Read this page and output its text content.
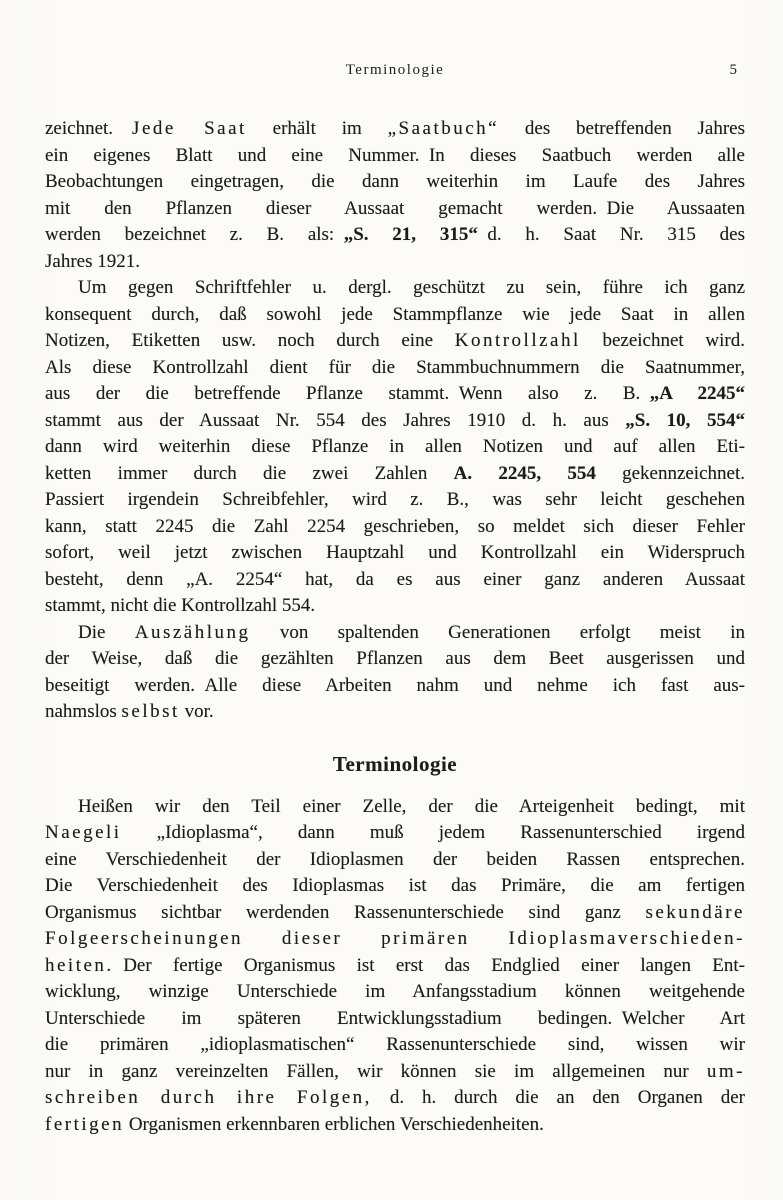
Terminologie	5
zeichnet.  Jede Saat erhält im „Saatbuch“ des betreffenden Jahres
ein eigenes Blatt und eine Nummer. In dieses Saatbuch werden alle
Beobachtungen eingetragen, die dann weiterhin im Laufe des Jahres
mit den Pflanzen dieser Aussaat gemacht werden. Die Aussaaten
werden bezeichnet z. B. als: „S. 21, 315“ d. h. Saat Nr. 315 des
Jahres 1921.
Um gegen Schriftfehler u. dergl. geschützt zu sein, führe ich ganz
konsequent durch, daß sowohl jede Stammpflanze wie jede Saat in allen
Notizen, Etiketten usw. noch durch eine Kontrollzahl bezeichnet wird.
Als diese Kontrollzahl dient für die Stammbuchnummern die Saatnummer,
aus der die betreffende Pflanze stammt. Wenn also z. B. „A 2245“
stammt aus der Aussaat Nr. 554 des Jahres 1910 d. h. aus „S. 10, 554“
dann wird weiterhin diese Pflanze in allen Notizen und auf allen Eti-
ketten immer durch die zwei Zahlen A. 2245, 554 gekennzeichnet.
Passiert irgendein Schreibfehler, wird z. B., was sehr leicht geschehen
kann, statt 2245 die Zahl 2254 geschrieben, so meldet sich dieser Fehler
sofort, weil jetzt zwischen Hauptzahl und Kontrollzahl ein Widerspruch
besteht, denn „A. 2254“ hat, da es aus einer ganz anderen Aussaat
stammt, nicht die Kontrollzahl 554.
Die Auszählung von spaltenden Generationen erfolgt meist in
der Weise, daß die gezählten Pflanzen aus dem Beet ausgerissen und
beseitigt werden. Alle diese Arbeiten nahm und nehme ich fast aus-
nahmslos selbst vor.
Terminologie
Heißen wir den Teil einer Zelle, der die Arteigenheit bedingt, mit
Naegeli „Idioplasma“, dann muß jedem Rassenunterschied irgend
eine Verschiedenheit der Idioplasmen der beiden Rassen entsprechen.
Die Verschiedenheit des Idioplasmas ist das Primäre, die am fertigen
Organismus sichtbar werdenden Rassenunterschiede sind ganz sekundäre
Folgeerscheinungen dieser primären Idioplasmaverschieden-
heiten. Der fertige Organismus ist erst das Endglied einer langen Ent-
wicklung, winzige Unterschiede im Anfangsstadium können weitgehende
Unterschiede im späteren Entwicklungsstadium bedingen. Welcher Art
die primären „idioplasmatischen“ Rassenunterschiede sind, wissen wir
nur in ganz vereinzelten Fällen, wir können sie im allgemeinen nur um-
schreiben durch ihre Folgen, d. h. durch die an den Organen der
fertigen Organismen erkennbaren erblichen Verschiedenheiten.
